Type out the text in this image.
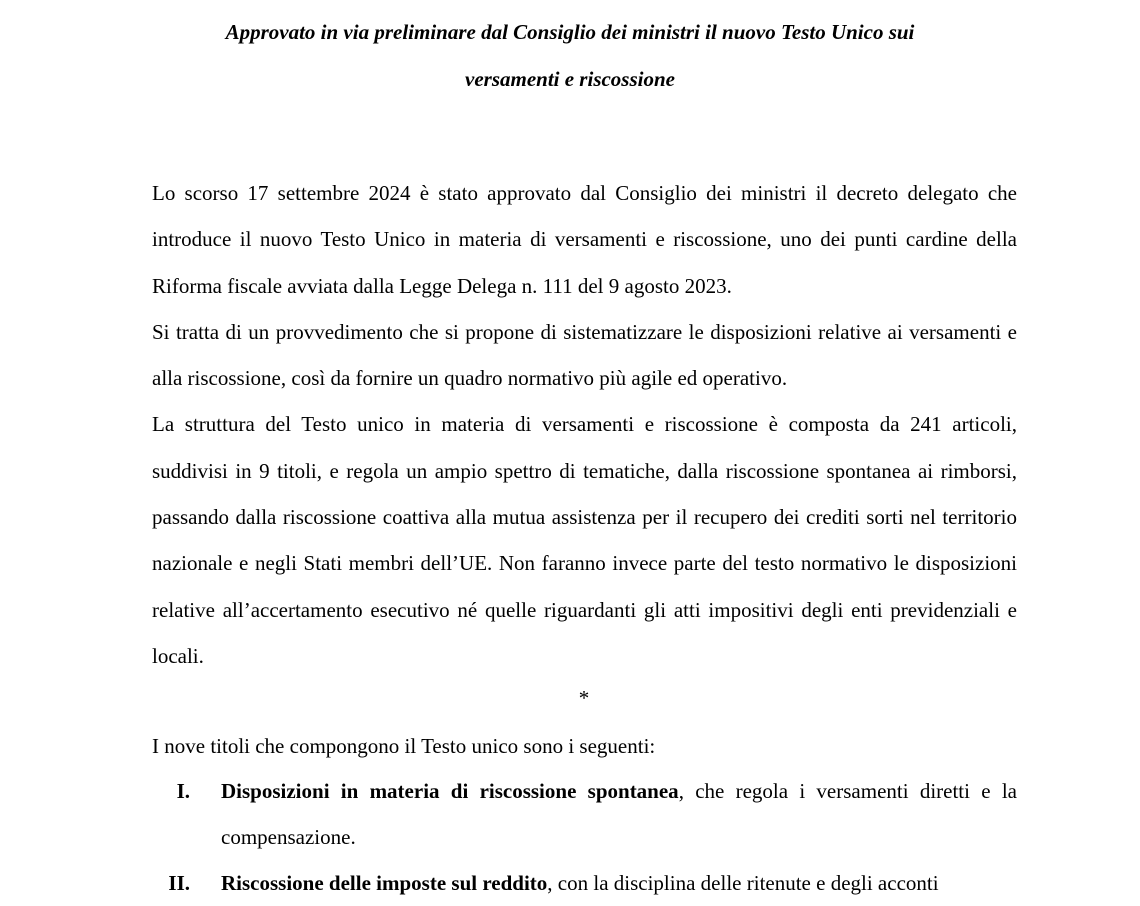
Approvato in via preliminare dal Consiglio dei ministri il nuovo Testo Unico sui
versamenti e riscossione

Lo scorso 17 settembre 2024 è stato approvato dal Consiglio dei ministri il decreto delegato che introduce il nuovo Testo Unico in materia di versamenti e riscossione, uno dei punti cardine della Riforma fiscale avviata dalla Legge Delega n. 111 del 9 agosto 2023.

Si tratta di un provvedimento che si propone di sistematizzare le disposizioni relative ai versamenti e alla riscossione, così da fornire un quadro normativo più agile ed operativo.

La struttura del Testo unico in materia di versamenti e riscossione è composta da 241 articoli, suddivisi in 9 titoli, e regola un ampio spettro di tematiche, dalla riscossione spontanea ai rimborsi, passando dalla riscossione coattiva alla mutua assistenza per il recupero dei crediti sorti nel territorio nazionale e negli Stati membri dell’UE. Non faranno invece parte del testo normativo le disposizioni relative all’accertamento esecutivo né quelle riguardanti gli atti impositivi degli enti previdenziali e locali.

*
I nove titoli che compongono il Testo unico sono i seguenti:
I. Disposizioni in materia di riscossione spontanea, che regola i versamenti diretti e la compensazione.
II. Riscossione delle imposte sul reddito, con la disciplina delle ritenute e degli acconti
